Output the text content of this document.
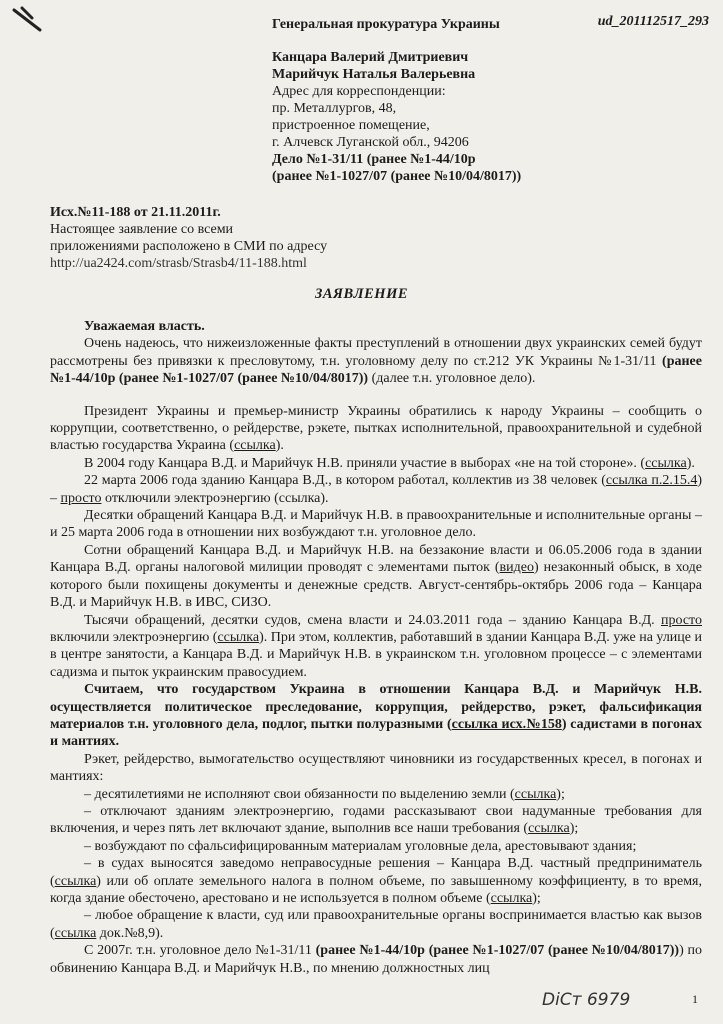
ud_201112517_293
Генеральная прокуратура Украины
Канцара Валерий Дмитриевич
Марийчук Наталья Валерьевна
Адрес для корреспонденции:
пр. Металлургов, 48,
пристроенное помещение,
г. Алчевск Луганской обл., 94206
Дело №1-31/11 (ранее №1-44/10р
(ранее №1-1027/07 (ранее №10/04/8017))
Исх.№11-188 от 21.11.2011г.
Настоящее заявление со всеми
приложениями расположено в СМИ по адресу
http://ua2424.com/strasb/Strasb4/11-188.html
ЗАЯВЛЕНИЕ

Уважаемая власть.

Очень надеюсь, что нижеизложенные факты преступлений в отношении двух украинских семей будут рассмотрены без привязки к пресловутому, т.н. уголовному делу по ст.212 УК Украины №1-31/11 (ранее №1-44/10р (ранее №1-1027/07 (ранее №10/04/8017)) (далее т.н. уголовное дело).

Президент Украины и премьер-министр Украины обратились к народу Украины – сообщить о коррупции, соответственно, о рейдерстве, рэкете, пытках исполнительной, правоохранительной и судебной властью государства Украина (ссылка).

В 2004 году Канцара В.Д. и Марийчук Н.В. приняли участие в выборах «не на той стороне». (ссылка).

22 марта 2006 года зданию Канцара В.Д., в котором работал, коллектив из 38 человек (ссылка п.2.15.4) – просто отключили электроэнергию (ссылка).

Десятки обращений Канцара В.Д. и Марийчук Н.В. в правоохранительные и исполнительные органы – и 25 марта 2006 года в отношении них возбуждают т.н. уголовное дело.

Сотни обращений Канцара В.Д. и Марийчук Н.В. на беззаконие власти и 06.05.2006 года в здании Канцара В.Д. органы налоговой милиции проводят с элементами пыток (видео) незаконный обыск, в ходе которого были похищены документы и денежные средств. Август-сентябрь-октябрь 2006 года – Канцара В.Д. и Марийчук Н.В. в ИВС, СИЗО.

Тысячи обращений, десятки судов, смена власти и 24.03.2011 года – зданию Канцара В.Д. просто включили электроэнергию (ссылка). При этом, коллектив, работавший в здании Канцара В.Д. уже на улице и в центре занятости, а Канцара В.Д. и Марийчук Н.В. в украинском т.н. уголовном процессе – с элементами садизма и пыток украинским правосудием.

Считаем, что государством Украина в отношении Канцара В.Д. и Марийчук Н.В. осуществляется политическое преследование, коррупция, рейдерство, рэкет, фальсификация материалов т.н. уголовного дела, подлог, пытки полуразными (ссылка исх.№158) садистами в погонах и мантиях.

Рэкет, рейдерство, вымогательство осуществляют чиновники из государственных кресел, в погонах и мантиях:

– десятилетиями не исполняют свои обязанности по выделению земли (ссылка);

– отключают зданиям электроэнергию, годами рассказывают свои надуманные требования для включения, и через пять лет включают здание, выполнив все наши требования (ссылка);

– возбуждают по сфальсифицированным материалам уголовные дела, арестовывают здания;

– в судах выносятся заведомо неправосудные решения – Канцара В.Д. частный предприниматель (ссылка) или об оплате земельного налога в полном объеме, по завышенному коэффициенту, в то время, когда здание обесточено, арестовано и не используется в полном объеме (ссылка);

– любое обращение к власти, суд или правоохранительные органы воспринимается властью как вызов (ссылка док.№8,9).

С 2007г. т.н. уголовное дело №1-31/11 (ранее №1-44/10р (ранее №1-1027/07 (ранее №10/04/8017))) по обвинению Канцара В.Д. и Марийчук Н.В., по мнению должностных лиц

DiCт 6979	1
